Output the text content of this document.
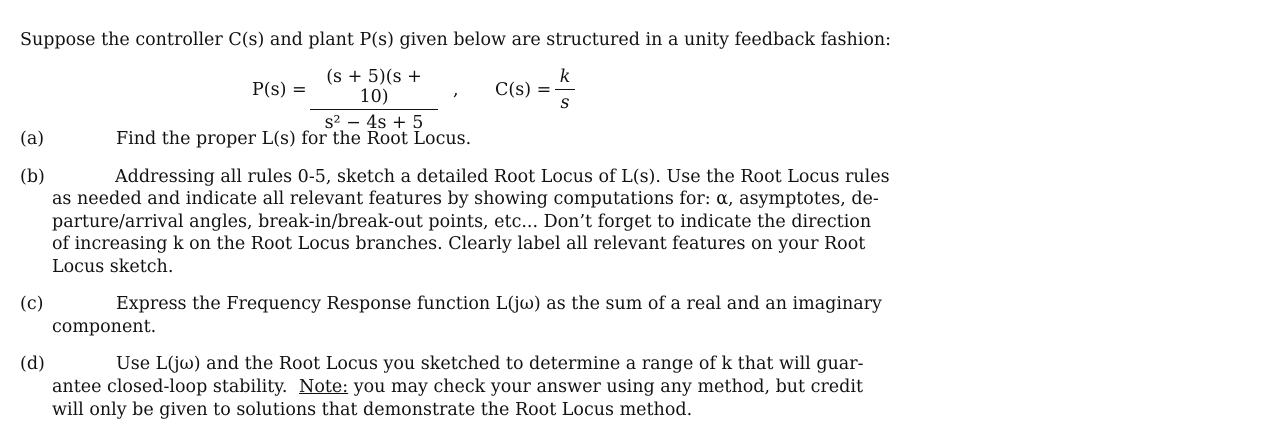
Suppose the controller C(s) and plant P(s) given below are structured in a unity feedback fashion:
P(s) =
(s + 5)(s + 10)
s² − 4s + 5
, C(s) =
k
s
(a)	Find the proper L(s) for the Root Locus.
(b)	Addressing all rules 0-5, sketch a detailed Root Locus of L(s). Use the Root Locus rules
as needed and indicate all relevant features by showing computations for: α, asymptotes, de-
parture/arrival angles, break-in/break-out points, etc... Don’t forget to indicate the direction
of increasing k on the Root Locus branches. Clearly label all relevant features on your Root
Locus sketch.
(c)	Express the Frequency Response function L(jω) as the sum of a real and an imaginary
component.
(d)	Use L(jω) and the Root Locus you sketched to determine a range of k that will guar-
antee closed-loop stability. Note: you may check your answer using any method, but credit
will only be given to solutions that demonstrate the Root Locus method.
